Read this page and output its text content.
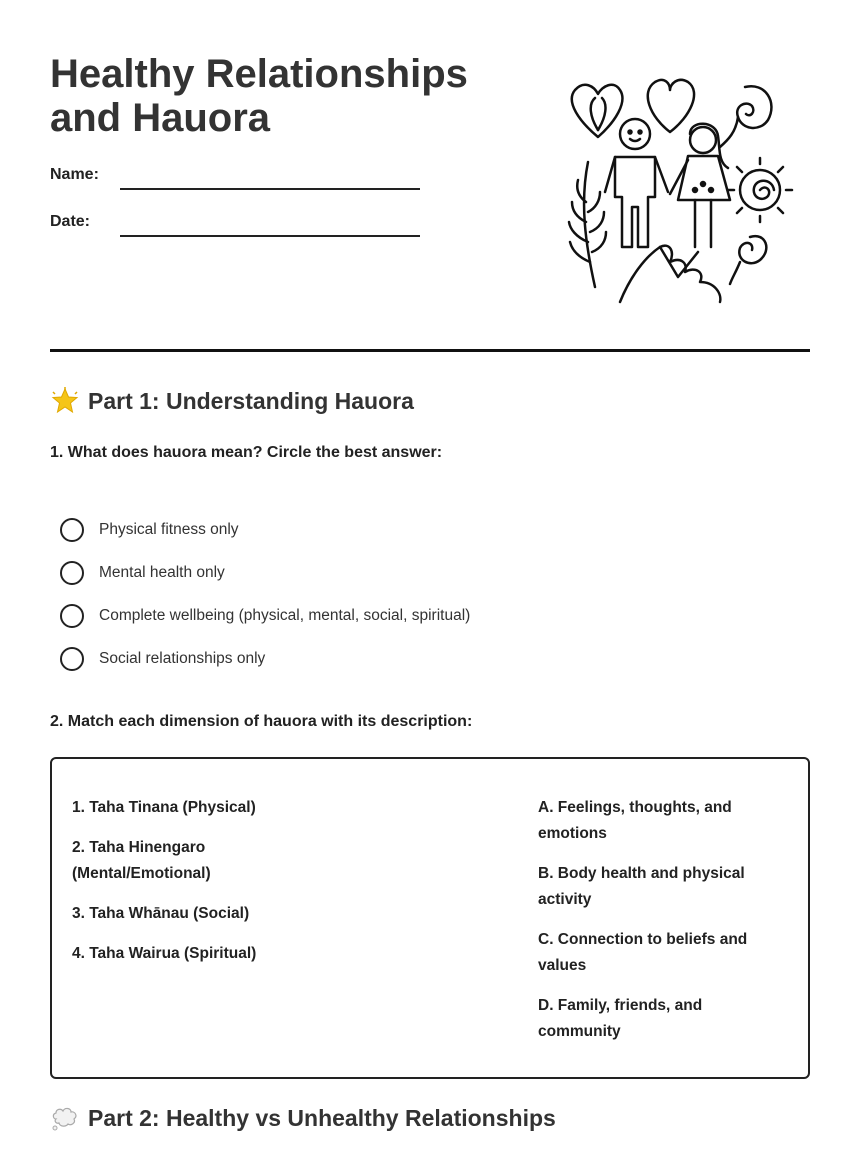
Healthy Relationships
and Hauora
Name:
Date:
Part 1: Understanding Hauora

1. What does hauora mean? Circle the best answer:

Physical fitness only
Mental health only
Complete wellbeing (physical, mental, social, spiritual)
Social relationships only

2. Match each dimension of hauora with its description:

1. Taha Tinana (Physical)
2. Taha Hinengaro (Mental/Emotional)
3. Taha Whānau (Social)
4. Taha Wairua (Spiritual)
A. Feelings, thoughts, and emotions
B. Body health and physical activity
C. Connection to beliefs and values
D. Family, friends, and community
Part 2: Healthy vs Unhealthy Relationships
